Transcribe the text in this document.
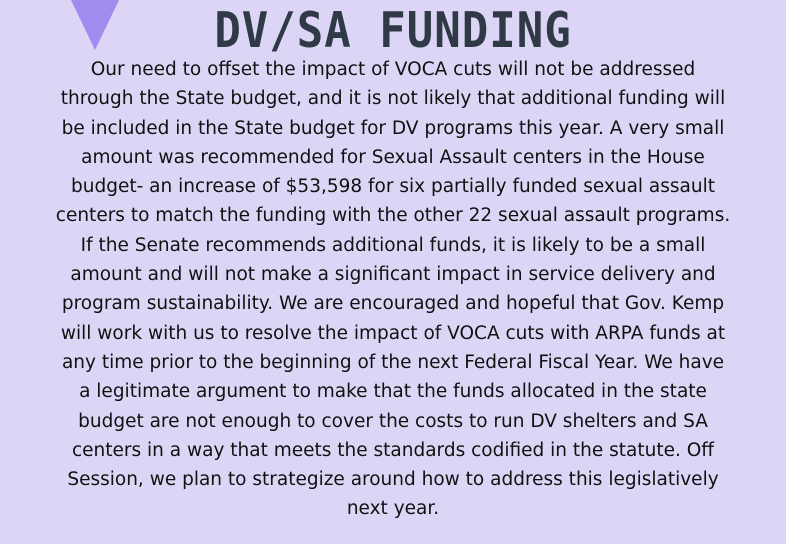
DV/SA FUNDING

Our need to offset the impact of VOCA cuts will not be addressed
through the State budget, and it is not likely that additional funding will
be included in the State budget for DV programs this year. A very small
amount was recommended for Sexual Assault centers in the House
budget- an increase of $53,598 for six partially funded sexual assault
centers to match the funding with the other 22 sexual assault programs.
If the Senate recommends additional funds, it is likely to be a small
amount and will not make a significant impact in service delivery and
program sustainability. We are encouraged and hopeful that Gov. Kemp
will work with us to resolve the impact of VOCA cuts with ARPA funds at
any time prior to the beginning of the next Federal Fiscal Year. We have
a legitimate argument to make that the funds allocated in the state
budget are not enough to cover the costs to run DV shelters and SA
centers in a way that meets the standards codified in the statute. Off
Session, we plan to strategize around how to address this legislatively
next year.
